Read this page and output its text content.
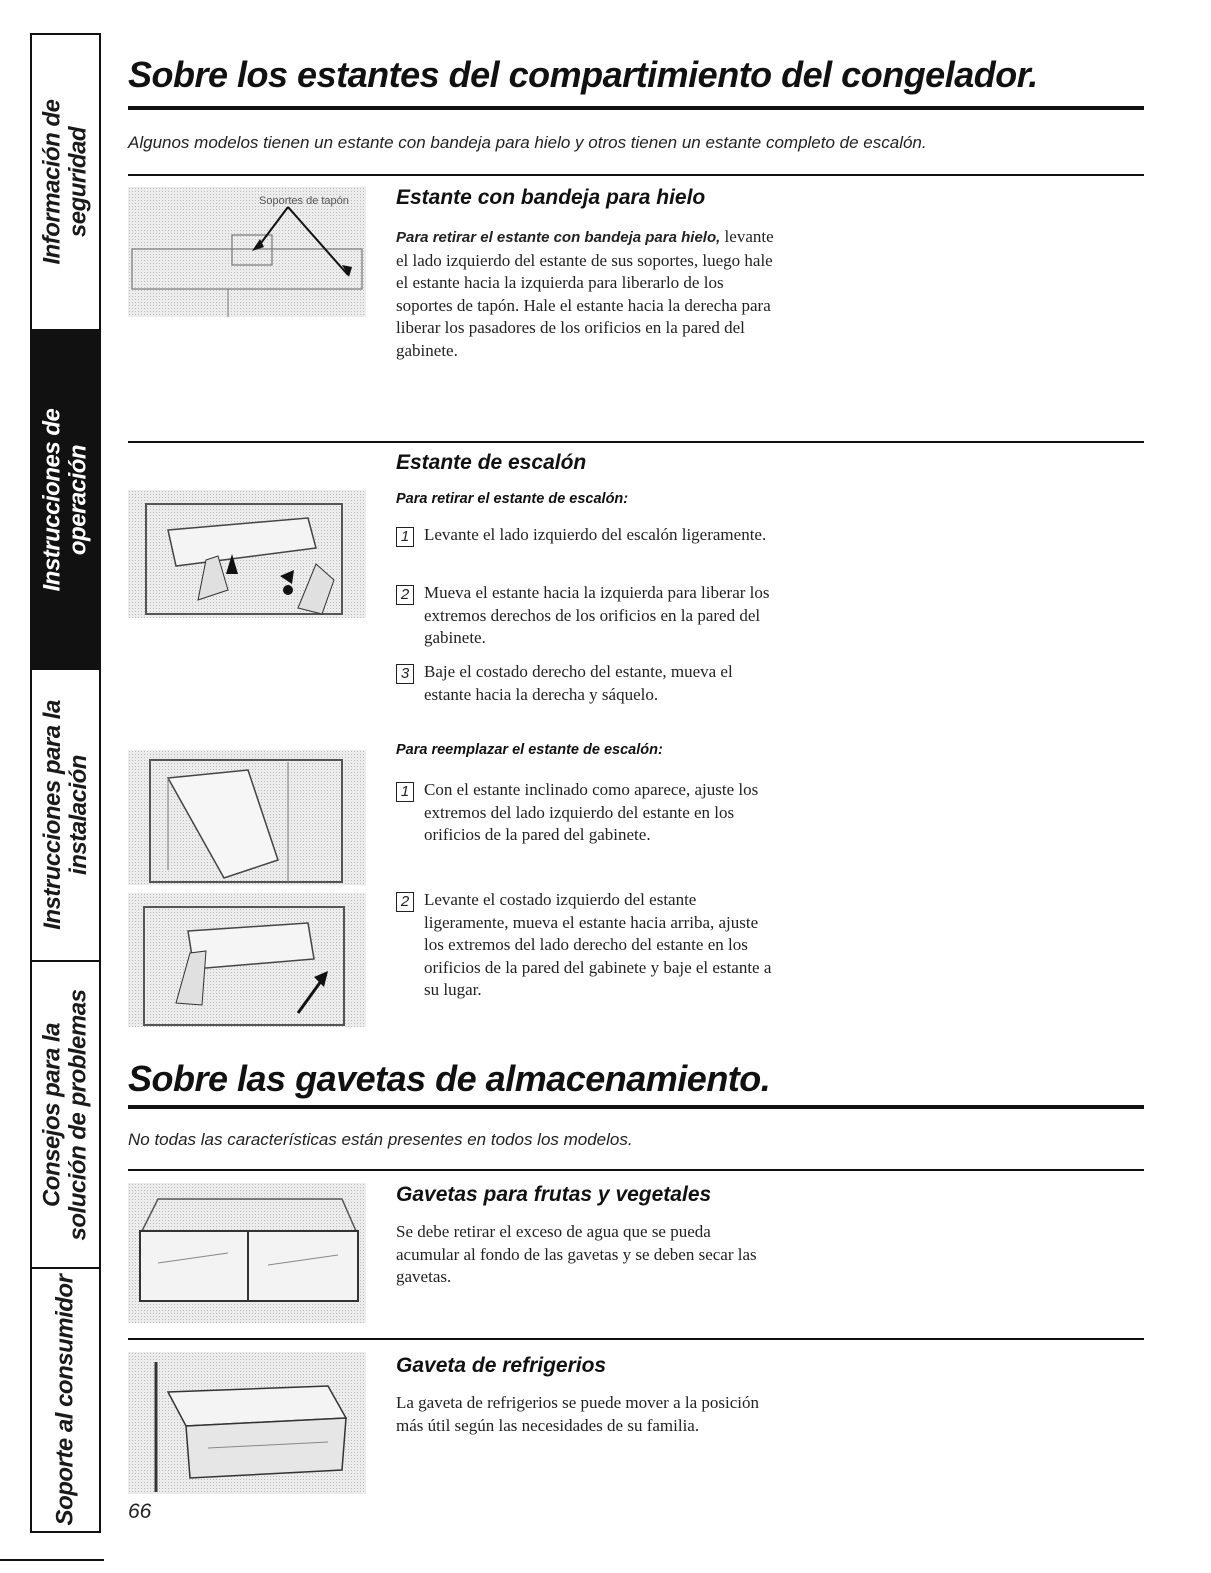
Información de seguridad
Instrucciones de operación
Instrucciones para la instalación
Consejos para la solución de problemas
Soporte al consumidor
Sobre los estantes del compartimiento del congelador.
Algunos modelos tienen un estante con bandeja para hielo y otros tienen un estante completo de escalón.
Soportes de tapón Estante con bandeja para hielo
Para retirar el estante con bandeja para hielo, levante el lado izquierdo del estante de sus soportes, luego hale el estante hacia la izquierda para liberarlo de los soportes de tapón. Hale el estante hacia la derecha para liberar los pasadores de los orificios en la pared del gabinete.
Estante de escalón
Para retirar el estante de escalón:
1 Levante el lado izquierdo del escalón ligeramente.
2 Mueva el estante hacia la izquierda para liberar los extremos derechos de los orificios en la pared del gabinete.
3 Baje el costado derecho del estante, mueva el estante hacia la derecha y sáquelo.
Para reemplazar el estante de escalón:
1 Con el estante inclinado como aparece, ajuste los extremos del lado izquierdo del estante en los orificios de la pared del gabinete.
2 Levante el costado izquierdo del estante ligeramente, mueva el estante hacia arriba, ajuste los extremos del lado derecho del estante en los orificios de la pared del gabinete y baje el estante a su lugar.
Sobre las gavetas de almacenamiento.
No todas las características están presentes en todos los modelos.
Gavetas para frutas y vegetales
Se debe retirar el exceso de agua que se pueda acumular al fondo de las gavetas y se deben secar las gavetas.
Gaveta de refrigerios
La gaveta de refrigerios se puede mover a la posición más útil según las necesidades de su familia.
66
